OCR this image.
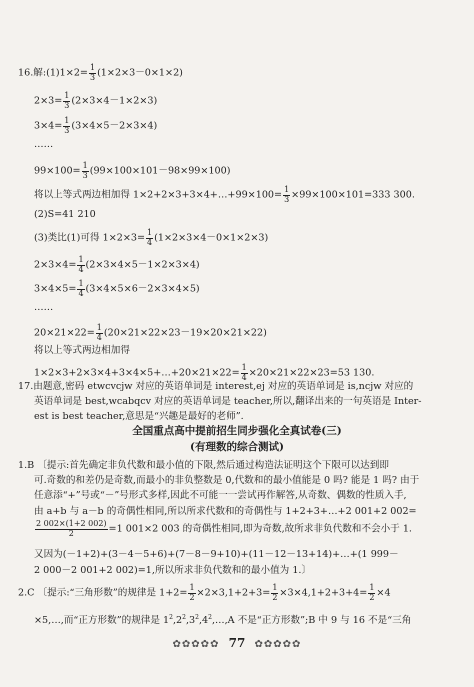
16.解:(1)1×2= $\frac{1}{3} (1\times 2\times 3-0\times 1\times 2)$
$2\times 3= \frac{1}{3} (2\times 3\times 4-1\times 2\times 3)$
$3\times 4= \frac{1}{3} (3\times 4\times 5-2\times 3\times 4)$
……
$99\times 100= \frac{1}{3} (99\times 100\times 101-98\times 99\times 100)$
将以上等式两边相加得 1×2+2×3+3×4+…+99×100= $\frac{1}{3} \times 99\times 100\times 101=333$ 300.
(2)S=41 210
(3)类比(1)可得 $1\times 2\times 3= \frac{1}{4} (1\times 2\times 3\times 4-0\times 1\times 2\times 3)$
$2\times 3\times 4= \frac{1}{4} (2\times 3\times 4\times 5-1\times 2\times 3\times 4)$
$3\times 4\times 5= \frac{1}{4} (3\times 4\times 5\times 6-2\times 3\times 4\times 5)$
……
$20\times 21\times 22= \frac{1}{4} (20\times 21\times 22\times 23-19\times 20\times 21\times 22)$
将以上等式两边相加得
1×2×3+2×3×4+3×4×5+…+20×21×22= $\frac{1}{4} \times 20\times 21\times 22\times 23=53$ 130.
17.由题意,密码 etwcvcjw 对应的英语单词是 interest,ej 对应的英语单词是 is,ncjw 对应的
英语单词是 best,wcabqcv 对应的英语单词是 teacher,所以,翻译出来的一句英语是 Inter-
est is best teacher,意思是“兴趣是最好的老师”.
全国重点高中提前招生同步强化全真试卷(三)
(有理数的综合测试)
1.B 〔提示:首先确定非负代数和最小值的下限,然后通过构造法证明这个下限可以达到即
可.奇数的和差仍是奇数,而最小的非负整数是 0,代数和的最小值能是 0 吗? 能是 1 吗? 由于
任意添“+”号或“－”号形式多样,因此不可能一一尝试再作解答,从奇数、偶数的性质入手,
由 a+b 与 a－b 的奇偶性相同,所以所求代数和的奇偶性与 1+2+3+…+2 001+2 002=
$\frac{2 002\times(1+2 002)}{2} =1$ 001×2 003 的奇偶性相同,即为奇数,故所求非负代数和不会小于 1.
又因为(－1+2)+(3－4－5+6)+(7－8－9+10)+(11－12－13+14)+…+(1 999－
2 000－2 001+2 002)=1,所以所求非负代数和的最小值为 1.〕
2.C 〔提示:“三角形数”的规律是 $1+2= \frac{1}{2} \times 2\times 3,1+2+3= \frac{1}{2} \times 3\times 4,1+2+3+4= \frac{1}{2} \times 4$
×5,…,而“正方形数”的规律是 $1^2,2^2,3^2,4^2,\dots,A$ 不是“正方形数”;B 中 9 与 16 不是“三角
✿✿✿✿✿ 77 ✿✿✿✿✿
